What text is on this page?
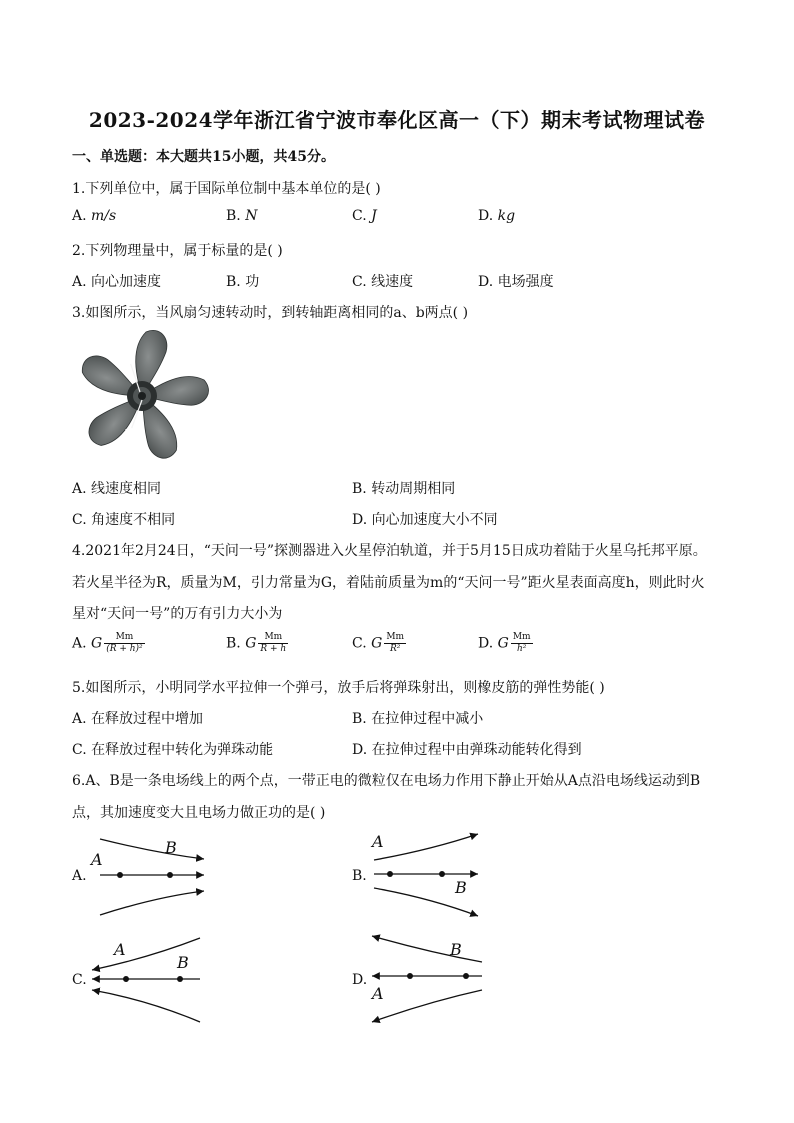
2023-2024学年浙江省宁波市奉化区高一（下）期末考试物理试卷
一、单选题：本大题共15小题，共45分。
1.下列单位中，属于国际单位制中基本单位的是( )
A. m/s	B. N	C. J	D. kg
2.下列物理量中，属于标量的是( )
A. 向心加速度	B. 功	C. 线速度	D. 电场强度
3.如图所示，当风扇匀速转动时，到转轴距离相同的a、b两点( )
a
b
A. 线速度相同	B. 转动周期相同
C. 角速度不相同	D. 向心加速度大小不同
4.2021年2月24日，“天问一号”探测器进入火星停泊轨道，并于5月15日成功着陆于火星乌托邦平原。
若火星半径为R，质量为M，引力常量为G，着陆前质量为m的“天问一号”距火星表面高度h，则此时火
星对“天问一号”的万有引力大小为
A. G $\frac{Mm}{\text{(R + h)²}}$	B. G $\frac{Mm}{R + h}$	C. G $\frac{Mm}{\text{R²}}$	D. G $\frac{Mm}{\text{h²}}$
5.如图所示，小明同学水平拉伸一个弹弓，放手后将弹珠射出，则橡皮筋的弹性势能( )
A. 在释放过程中增加	B. 在拉伸过程中减小
C. 在释放过程中转化为弹珠动能	D. 在拉伸过程中由弹珠动能转化得到
6.A、B是一条电场线上的两个点，一带正电的微粒仅在电场力作用下静止开始从A点沿电场线运动到B
点，其加速度变大且电场力做正功的是( )
A.
A
B
B.
A
B
C.
A
B
D.
B
A
